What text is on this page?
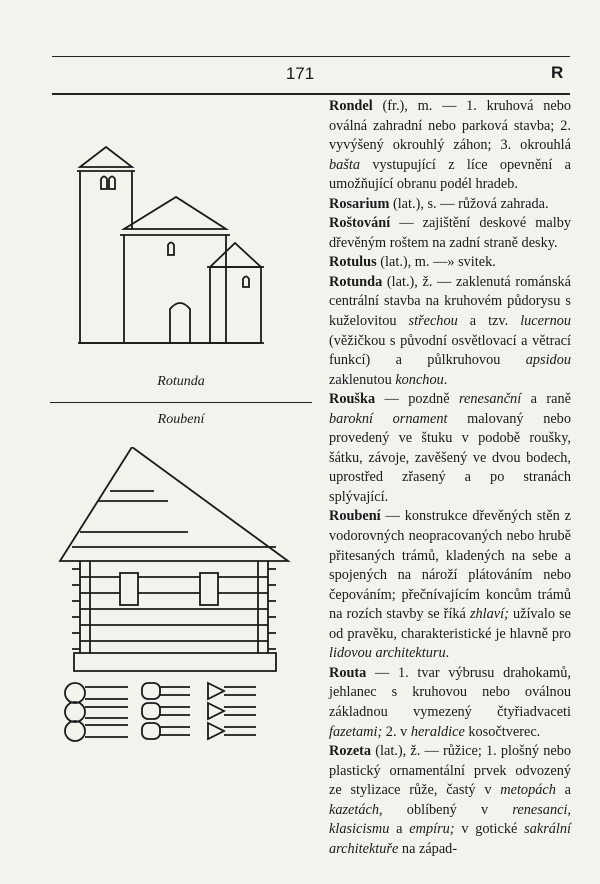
171	R
Rotunda
Roubení

Rondel (fr.), m. — 1. kruhová nebo oválná zahradní nebo parková stavba; 2. vyvýšený okrouhlý záhon; 3. okrouhlá bašta vystupující z líce opevnění a umožňující obranu podél hradeb.

Rosarium (lat.), s. — růžová zahrada.

Roštování — zajištění deskové malby dřevěným roštem na zadní straně desky.

Rotulus (lat.), m. —» svitek.

Rotunda (lat.), ž. — zaklenutá románská centrální stavba na kruhovém půdorysu s kuželovitou střechou a tzv. lucernou (věžičkou s původní osvětlovací a větrací funkcí) a půlkruhovou apsidou zaklenutou konchou.

Rouška — pozdně renesanční a raně barokní ornament malovaný nebo provedený ve štuku v podobě roušky, šátku, závoje, zavěšený ve dvou bodech, uprostřed zřasený a po stranách splývající.

Roubení — konstrukce dřevěných stěn z vodorovných neopracovaných nebo hrubě přitesaných trámů, kladených na sebe a spojených na nároží plátováním nebo čepováním; přečnívajícím koncům trámů na rozích stavby se říká zhlaví; užívalo se od pravěku, charakteristické je hlavně pro lidovou architekturu.

Routa — 1. tvar výbrusu drahokamů, jehlanec s kruhovou nebo oválnou základnou vymezený čtyřiadvaceti fazetami; 2. v heraldice kosočtverec.

Rozeta (lat.), ž. — růžice; 1. plošný nebo plastický ornamentální prvek odvozený ze stylizace růže, častý v metopách a kazetách, oblíbený v renesanci, klasicismu a empíru; v gotické sakrální architektuře na západ-
